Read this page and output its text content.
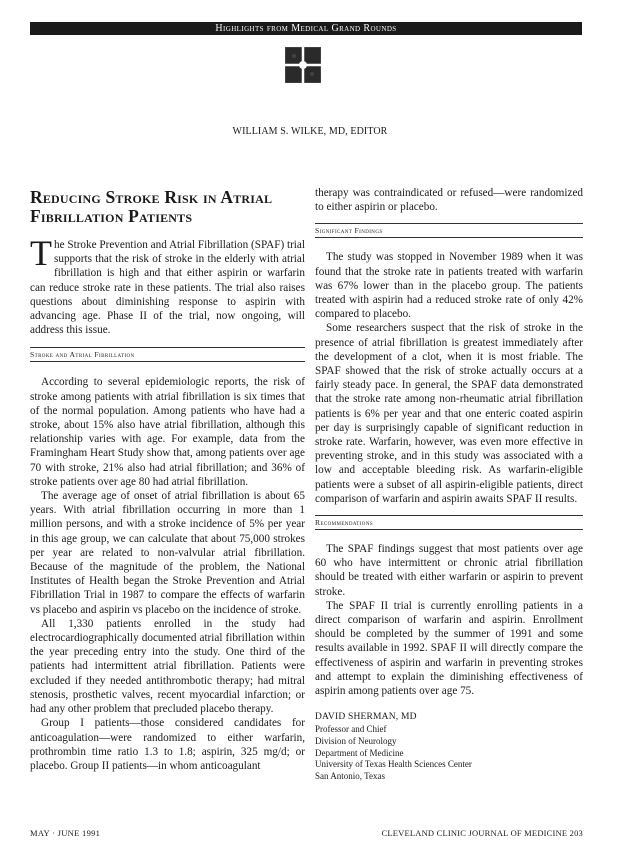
Highlights from Medical Grand Rounds
WILLIAM S. WILKE, MD, EDITOR
Reducing Stroke Risk in Atrial Fibrillation Patients

The Stroke Prevention and Atrial Fibrillation (SPAF) trial supports that the risk of stroke in the elderly with atrial fibrillation is high and that either aspirin or warfarin can reduce stroke rate in these patients. The trial also raises questions about diminishing response to aspirin with advancing age. Phase II of the trial, now ongoing, will address this issue.

Stroke and Atrial Fibrillation

According to several epidemiologic reports, the risk of stroke among patients with atrial fibrillation is six times that of the normal population. Among patients who have had a stroke, about 15% also have atrial fibrillation, although this relationship varies with age. For example, data from the Framingham Heart Study show that, among patients over age 70 with stroke, 21% also had atrial fibrillation; and 36% of stroke patients over age 80 had atrial fibrillation.

The average age of onset of atrial fibrillation is about 65 years. With atrial fibrillation occurring in more than 1 million persons, and with a stroke incidence of 5% per year in this age group, we can calculate that about 75,000 strokes per year are related to non-valvular atrial fibrillation. Because of the magnitude of the problem, the National Institutes of Health began the Stroke Prevention and Atrial Fibrillation Trial in 1987 to compare the effects of warfarin vs placebo and aspirin vs placebo on the incidence of stroke.

All 1,330 patients enrolled in the study had electrocardiographically documented atrial fibrillation within the year preceding entry into the study. One third of the patients had intermittent atrial fibrillation. Patients were excluded if they needed antithrombotic therapy; had mitral stenosis, prosthetic valves, recent myocardial infarction; or had any other problem that precluded placebo therapy.

Group I patients—those considered candidates for anticoagulation—were randomized to either warfarin, prothrombin time ratio 1.3 to 1.8; aspirin, 325 mg/d; or placebo. Group II patients—in whom anticoagulant

therapy was contraindicated or refused—were randomized to either aspirin or placebo.

Significant Findings

The study was stopped in November 1989 when it was found that the stroke rate in patients treated with warfarin was 67% lower than in the placebo group. The patients treated with aspirin had a reduced stroke rate of only 42% compared to placebo.

Some researchers suspect that the risk of stroke in the presence of atrial fibrillation is greatest immediately after the development of a clot, when it is most friable. The SPAF showed that the risk of stroke actually occurs at a fairly steady pace. In general, the SPAF data demonstrated that the stroke rate among non-rheumatic atrial fibrillation patients is 6% per year and that one enteric coated aspirin per day is surprisingly capable of significant reduction in stroke rate. Warfarin, however, was even more effective in preventing stroke, and in this study was associated with a low and acceptable bleeding risk. As warfarin-eligible patients were a subset of all aspirin-eligible patients, direct comparison of warfarin and aspirin awaits SPAF II results.

Recommendations

The SPAF findings suggest that most patients over age 60 who have intermittent or chronic atrial fibrillation should be treated with either warfarin or aspirin to prevent stroke.

The SPAF II trial is currently enrolling patients in a direct comparison of warfarin and aspirin. Enrollment should be completed by the summer of 1991 and some results available in 1992. SPAF II will directly compare the effectiveness of aspirin and warfarin in preventing strokes and attempt to explain the diminishing effectiveness of aspirin among patients over age 75.

DAVID SHERMAN, MD
Professor and Chief
Division of Neurology
Department of Medicine
University of Texas Health Sciences Center
San Antonio, Texas
MAY · JUNE 1991	CLEVELAND CLINIC JOURNAL OF MEDICINE 203
